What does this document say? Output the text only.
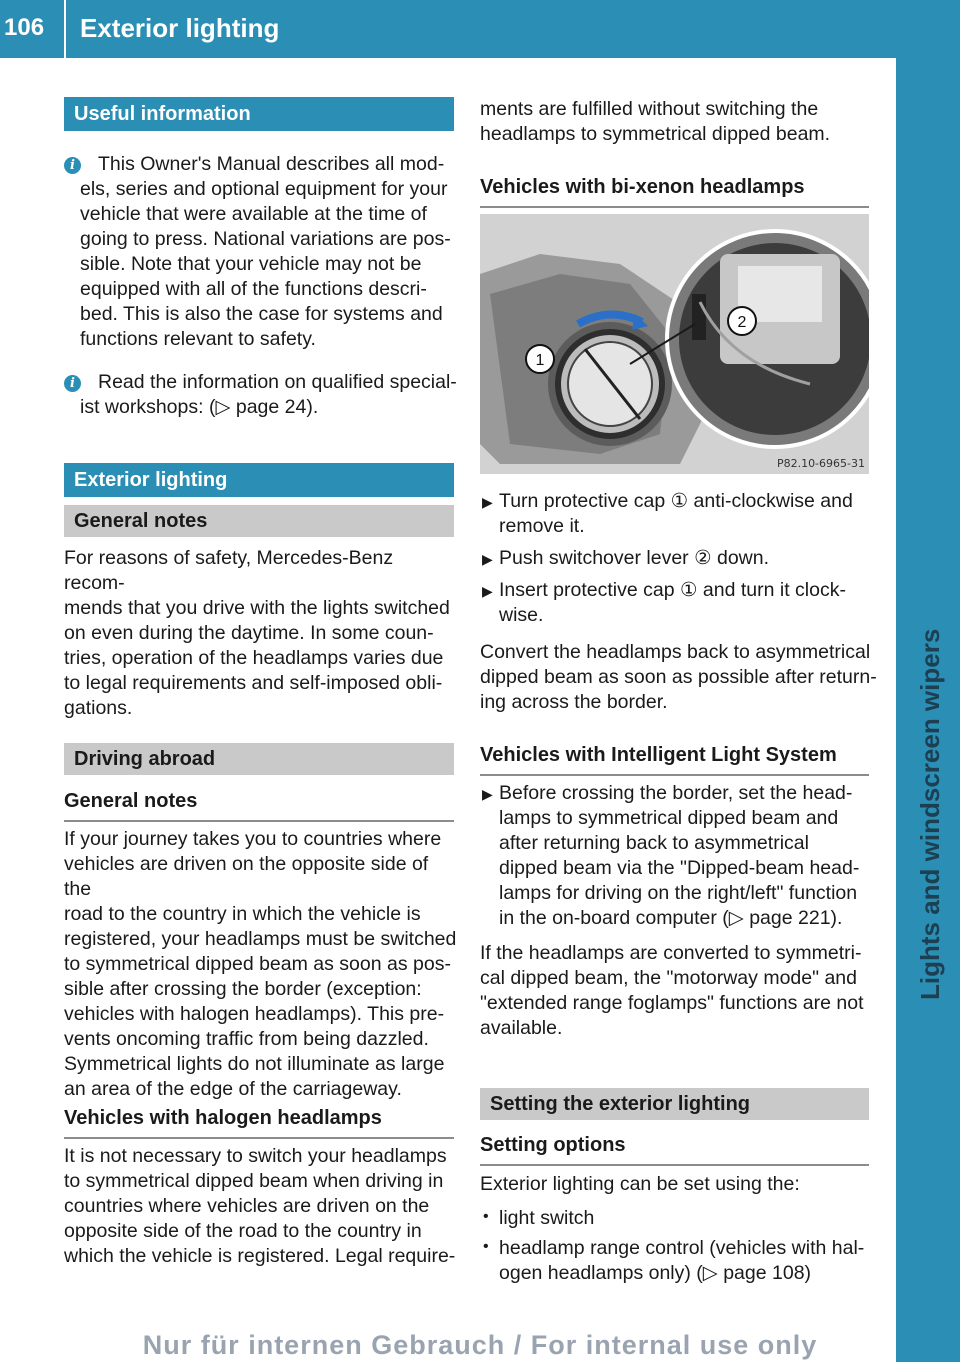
106 Exterior lighting
Lights and windscreen wipers
Useful information
i	This Owner's Manual describes all mod-
els, series and optional equipment for your
vehicle that were available at the time of
going to press. National variations are pos-
sible. Note that your vehicle may not be
equipped with all of the functions descri-
bed. This is also the case for systems and
functions relevant to safety.
i	Read the information on qualified special-
ist workshops: (▷ page 24).
Exterior lighting
General notes
For reasons of safety, Mercedes-Benz recom-
mends that you drive with the lights switched
on even during the daytime. In some coun-
tries, operation of the headlamps varies due
to legal requirements and self-imposed obli-
gations.
Driving abroad
General notes
If your journey takes you to countries where
vehicles are driven on the opposite side of the
road to the country in which the vehicle is
registered, your headlamps must be switched
to symmetrical dipped beam as soon as pos-
sible after crossing the border (exception:
vehicles with halogen headlamps). This pre-
vents oncoming traffic from being dazzled.
Symmetrical lights do not illuminate as large
an area of the edge of the carriageway.
Vehicles with halogen headlamps
It is not necessary to switch your headlamps
to symmetrical dipped beam when driving in
countries where vehicles are driven on the
opposite side of the road to the country in
which the vehicle is registered. Legal require-
ments are fulfilled without switching the
headlamps to symmetrical dipped beam.
Vehicles with bi-xenon headlamps
1
2
P82.10-6965-31
▶ Turn protective cap ① anti-clockwise and
remove it.
▶ Push switchover lever ② down.
▶ Insert protective cap ① and turn it clock-
wise.
Convert the headlamps back to asymmetrical
dipped beam as soon as possible after return-
ing across the border.
Vehicles with Intelligent Light System
▶ Before crossing the border, set the head-
lamps to symmetrical dipped beam and
after returning back to asymmetrical
dipped beam via the "Dipped-beam head-
lamps for driving on the right/left" function
in the on-board computer (▷ page 221).
If the headlamps are converted to symmetri-
cal dipped beam, the "motorway mode" and
"extended range foglamps" functions are not
available.
Setting the exterior lighting
Setting options
Exterior lighting can be set using the:
• light switch
• headlamp range control (vehicles with hal-
ogen headlamps only) (▷ page 108)
Nur für internen Gebrauch / For internal use only
